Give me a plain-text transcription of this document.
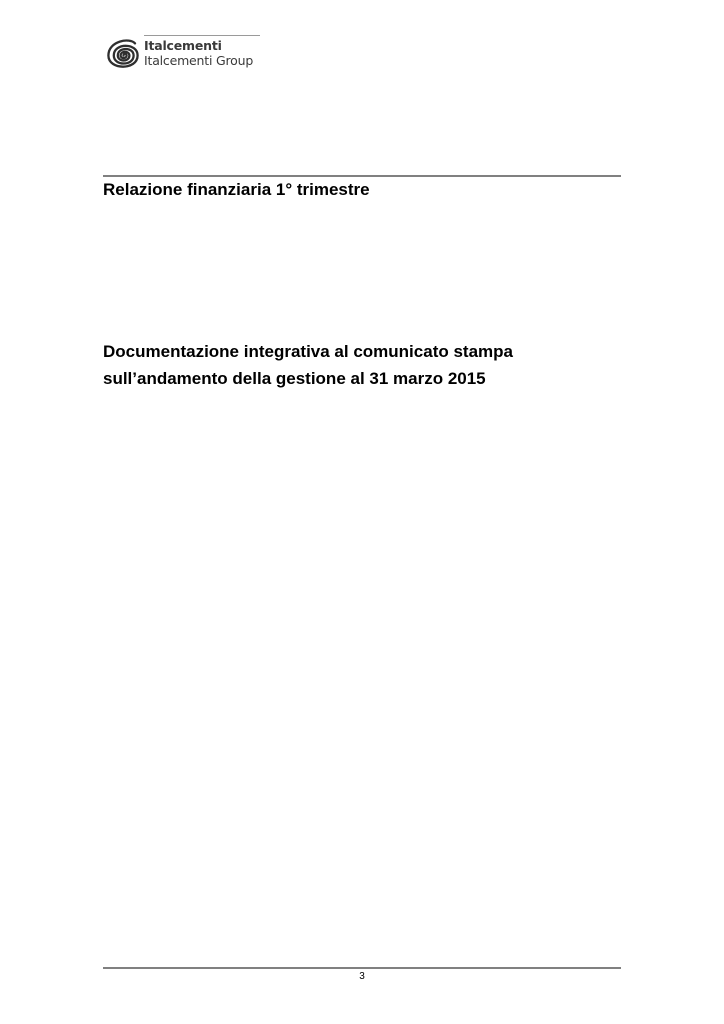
Italcementi
Italcementi Group
Relazione finanziaria 1° trimestre
Documentazione integrativa al comunicato stampa
sull’andamento della gestione al 31 marzo 2015
3
